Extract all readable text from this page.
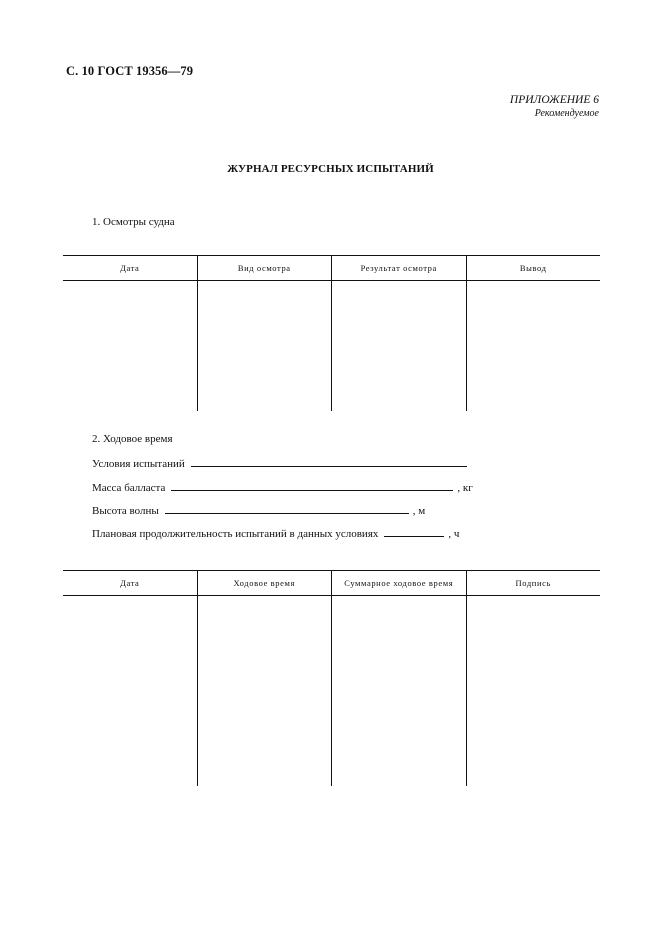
С. 10 ГОСТ 19356—79
ПРИЛОЖЕНИЕ 6
Рекомендуемое
ЖУРНАЛ РЕСУРСНЫХ ИСПЫТАНИЙ
1. Осмотры судна
Дата	Вид осмотра	Результат осмотра	Вывод
2. Ходовое время
Условия испытаний
Масса балласта	, кг
Высота волны	, м
Плановая продолжительность испытаний в данных условиях	, ч
Дата	Ходовое время	Суммарное ходовое время	Подпись
